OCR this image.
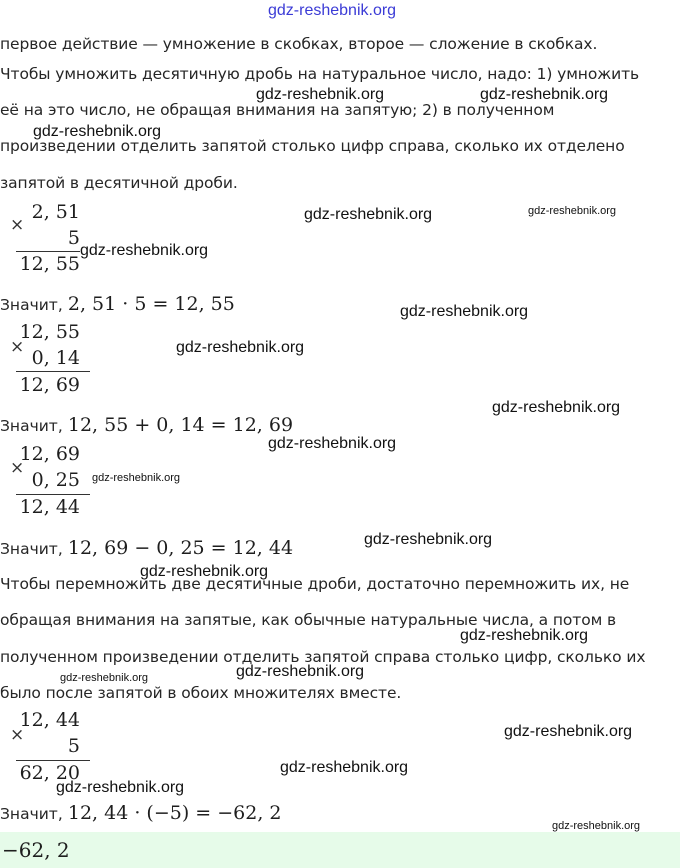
gdz-reshebnik.org
первое действие — умножение в скобках, второе — сложение в скобках.
Чтобы умножить десятичную дробь на натуральное число, надо: 1) умножить
её на это число, не обращая внимания на запятую; 2) в полученном
произведении отделить запятой столько цифр справа, сколько их отделено
запятой в десятичной дроби.
×
2, 51
5
12, 55
Значит, 2, 51 · 5 = 12, 55
×
12, 55
0, 14
12, 69
Значит, 12, 55 + 0, 14 = 12, 69
×
12, 69
0, 25
12, 44
Значит, 12, 69 − 0, 25 = 12, 44
Чтобы перемножить две десятичные дроби, достаточно перемножить их, не
обращая внимания на запятые, как обычные натуральные числа, а потом в
полученном произведении отделить запятой справа столько цифр, сколько их
было после запятой в обоих множителях вместе.
×
12, 44
5
62, 20
Значит, 12, 44 · (−5) = −62, 2
−62, 2
gdz-reshebnik.org	gdz-reshebnik.org
gdz-reshebnik.org
gdz-reshebnik.org	gdz-reshebnik.org
gdz-reshebnik.org
gdz-reshebnik.org
gdz-reshebnik.org
gdz-reshebnik.org
gdz-reshebnik.org
gdz-reshebnik.org
gdz-reshebnik.org
gdz-reshebnik.org
gdz-reshebnik.org
gdz-reshebnik.org
gdz-reshebnik.org
gdz-reshebnik.org
gdz-reshebnik.org
gdz-reshebnik.org
gdz-reshebnik.org
